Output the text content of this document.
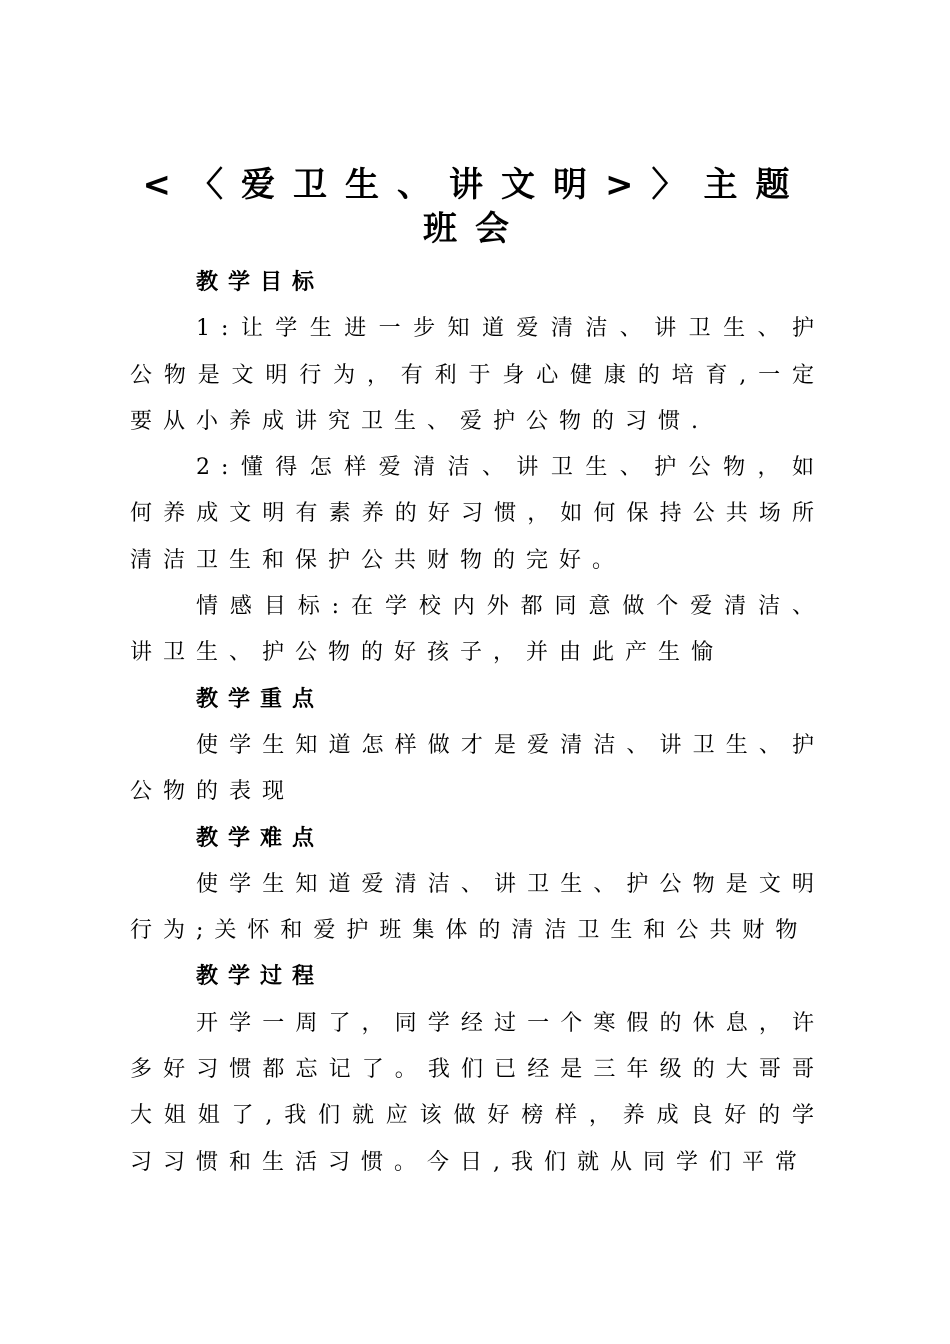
<〈爱卫生、讲文明>〉主题班会

教学目标

1:让学生进一步知道爱清洁、讲卫生、护公物是文明行为，有利于身心健康的培育,一定要从小养成讲究卫生、爱护公物的习惯.

2:懂得怎样爱清洁、讲卫生、护公物，如何养成文明有素养的好习惯，如何保持公共场所清洁卫生和保护公共财物的完好。

情感目标:在学校内外都同意做个爱清洁、讲卫生、护公物的好孩子，并由此产生愉

教学重点

使学生知道怎样做才是爱清洁、讲卫生、护公物的表现

教学难点

使学生知道爱清洁、讲卫生、护公物是文明行为;关怀和爱护班集体的清洁卫生和公共财物

教学过程

开学一周了，同学经过一个寒假的休息，许多好习惯都忘记了。我们已经是三年级的大哥哥大姐姐了,我们就应该做好榜样，养成良好的学习习惯和生活习惯。今日,我们就从同学们平常
